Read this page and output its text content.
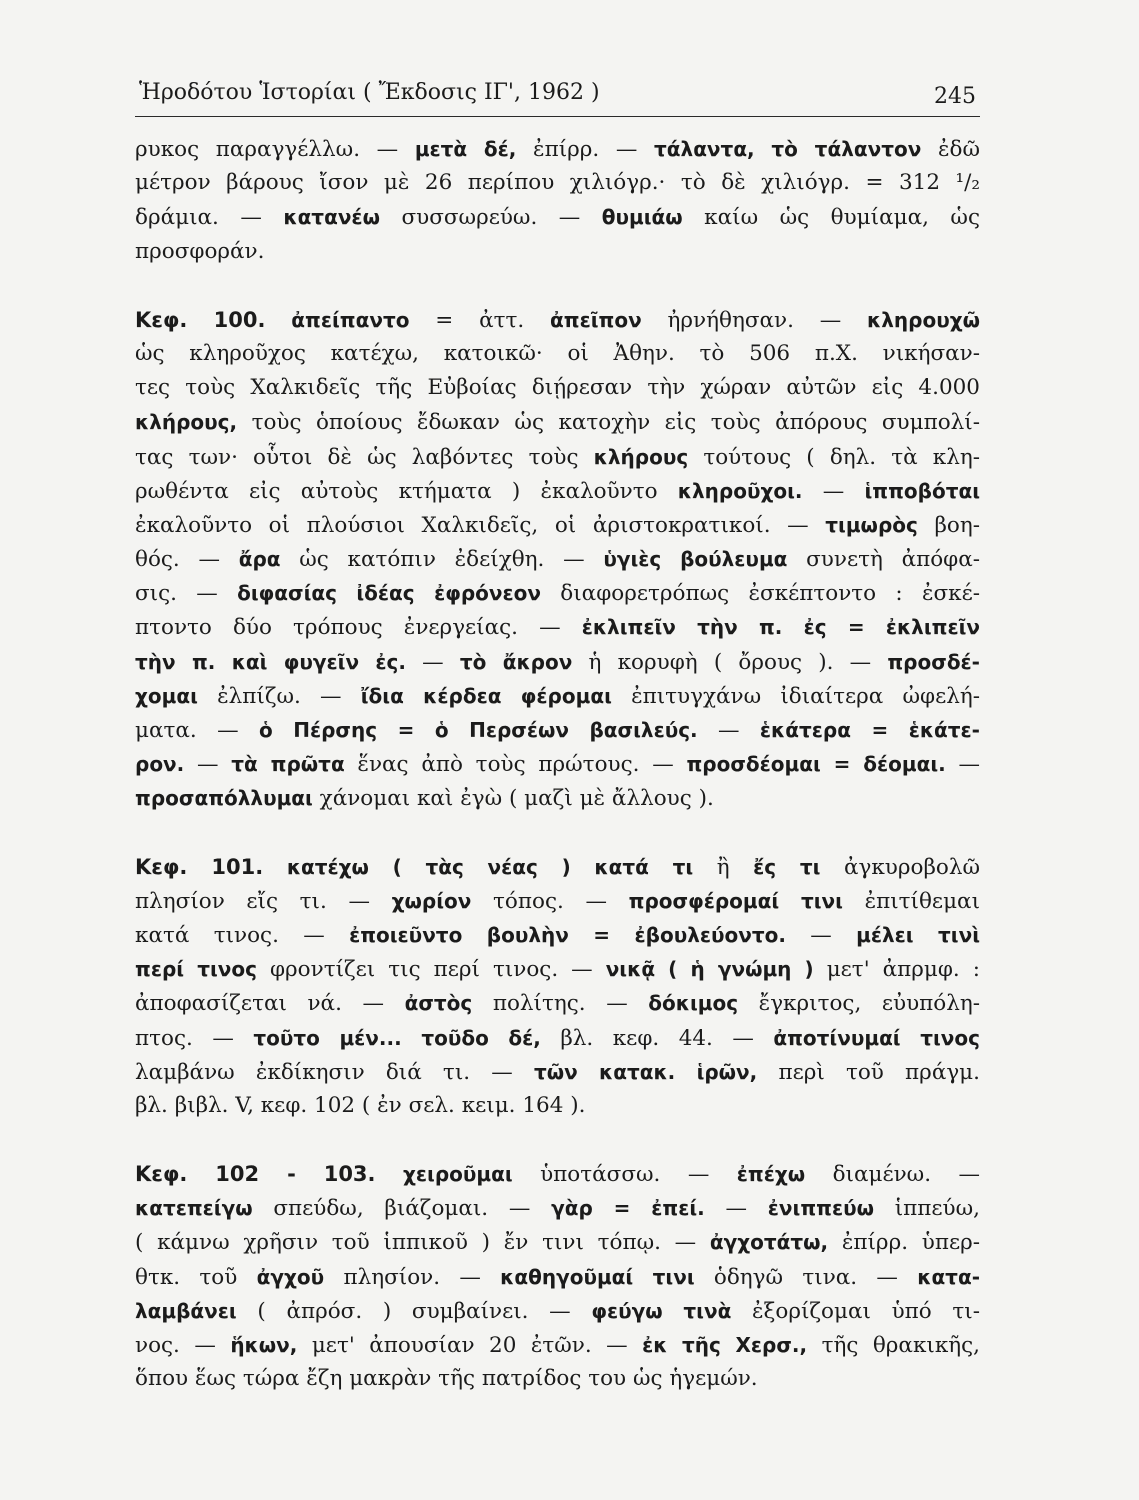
Ἡροδότου Ἱστορίαι ( Ἔκδοσις ΙΓ', 1962 )	245
ρυκος παραγγέλλω. — μετὰ δέ, ἐπίρρ. — τάλαντα, τὸ τάλαντον ἐδῶ
μέτρον βάρους ἴσον μὲ 26 περίπου χιλιόγρ.· τὸ δὲ χιλιόγρ. = 312 ¹/₂
δράμια. — κατανέω συσσωρεύω. — θυμιάω καίω ὡς θυμίαμα, ὡς
προσφοράν.
Κεφ. 100. ἀπείπαντο = ἀττ. ἀπεῖπον ἠρνήθησαν. — κληρουχῶ
ὡς κληροῦχος κατέχω, κατοικῶ· οἱ Ἀθην. τὸ 506 π.Χ. νικήσαν-
τες τοὺς Χαλκιδεῖς τῆς Εὐβοίας διῄρεσαν τὴν χώραν αὐτῶν εἰς 4.000
κλήρους, τοὺς ὁποίους ἔδωκαν ὡς κατοχὴν εἰς τοὺς ἀπόρους συμπολί-
τας των· οὗτοι δὲ ὡς λαβόντες τοὺς κλήρους τούτους ( δηλ. τὰ κλη-
ρωθέντα εἰς αὐτοὺς κτήματα ) ἐκαλοῦντο κληροῦχοι. — ἱπποβόται
ἐκαλοῦντο οἱ πλούσιοι Χαλκιδεῖς, οἱ ἀριστοκρατικοί. — τιμωρὸς βοη-
θός. — ἄρα ὡς κατόπιν ἐδείχθη. — ὑγιὲς βούλευμα συνετὴ ἀπόφα-
σις. — διφασίας ἰδέας ἐφρόνεον διαφορετρόπως ἐσκέπτοντο : ἐσκέ-
πτοντο δύο τρόπους ἐνεργείας. — ἐκλιπεῖν τὴν π. ἐς = ἐκλιπεῖν
τὴν π. καὶ φυγεῖν ἐς. — τὸ ἄκρον ἡ κορυφὴ ( ὄρους ). — προσδέ-
χομαι ἐλπίζω. — ἴδια κέρδεα φέρομαι ἐπιτυγχάνω ἰδιαίτερα ὠφελή-
ματα. — ὁ Πέρσης = ὁ Περσέων βασιλεύς. — ἑκάτερα = ἑκάτε-
ρον. — τὰ πρῶτα ἕνας ἀπὸ τοὺς πρώτους. — προσδέομαι = δέομαι. —
προσαπόλλυμαι χάνομαι καὶ ἐγὼ ( μαζὶ μὲ ἄλλους ).
Κεφ. 101. κατέχω ( τὰς νέας ) κατά τι ἢ ἔς τι ἀγκυροβολῶ
πλησίον εἴς τι. — χωρίον τόπος. — προσφέρομαί τινι ἐπιτίθεμαι
κατά τινος. — ἐποιεῦντο βουλὴν = ἐβουλεύοντο. — μέλει τινὶ
περί τινος φροντίζει τις περί τινος. — νικᾷ ( ἡ γνώμη ) μετ' ἀπρμφ. :
ἀποφασίζεται νά. — ἀστὸς πολίτης. — δόκιμος ἔγκριτος, εὐυπόλη-
πτος. — τοῦτο μέν... τοῦδο δέ, βλ. κεφ. 44. — ἀποτίνυμαί τινος
λαμβάνω ἐκδίκησιν διά τι. — τῶν κατακ. ἱρῶν, περὶ τοῦ πράγμ.
βλ. βιβλ. V, κεφ. 102 ( ἐν σελ. κειμ. 164 ).
Κεφ. 102 - 103. χειροῦμαι ὑποτάσσω. — ἐπέχω διαμένω. —
κατεπείγω σπεύδω, βιάζομαι. — γὰρ = ἐπεί. — ἐνιππεύω ἱππεύω,
( κάμνω χρῆσιν τοῦ ἱππικοῦ ) ἔν τινι τόπῳ. — ἀγχοτάτω, ἐπίρρ. ὑπερ-
θτκ. τοῦ ἀγχοῦ πλησίον. — καθηγοῦμαί τινι ὁδηγῶ τινα. — κατα-
λαμβάνει ( ἀπρόσ. ) συμβαίνει. — φεύγω τινὰ ἐξορίζομαι ὑπό τι-
νος. — ἥκων, μετ' ἀπουσίαν 20 ἐτῶν. — ἐκ τῆς Χερσ., τῆς θρακικῆς,
ὅπου ἕως τώρα ἔζη μακρὰν τῆς πατρίδος του ὡς ἡγεμών.
